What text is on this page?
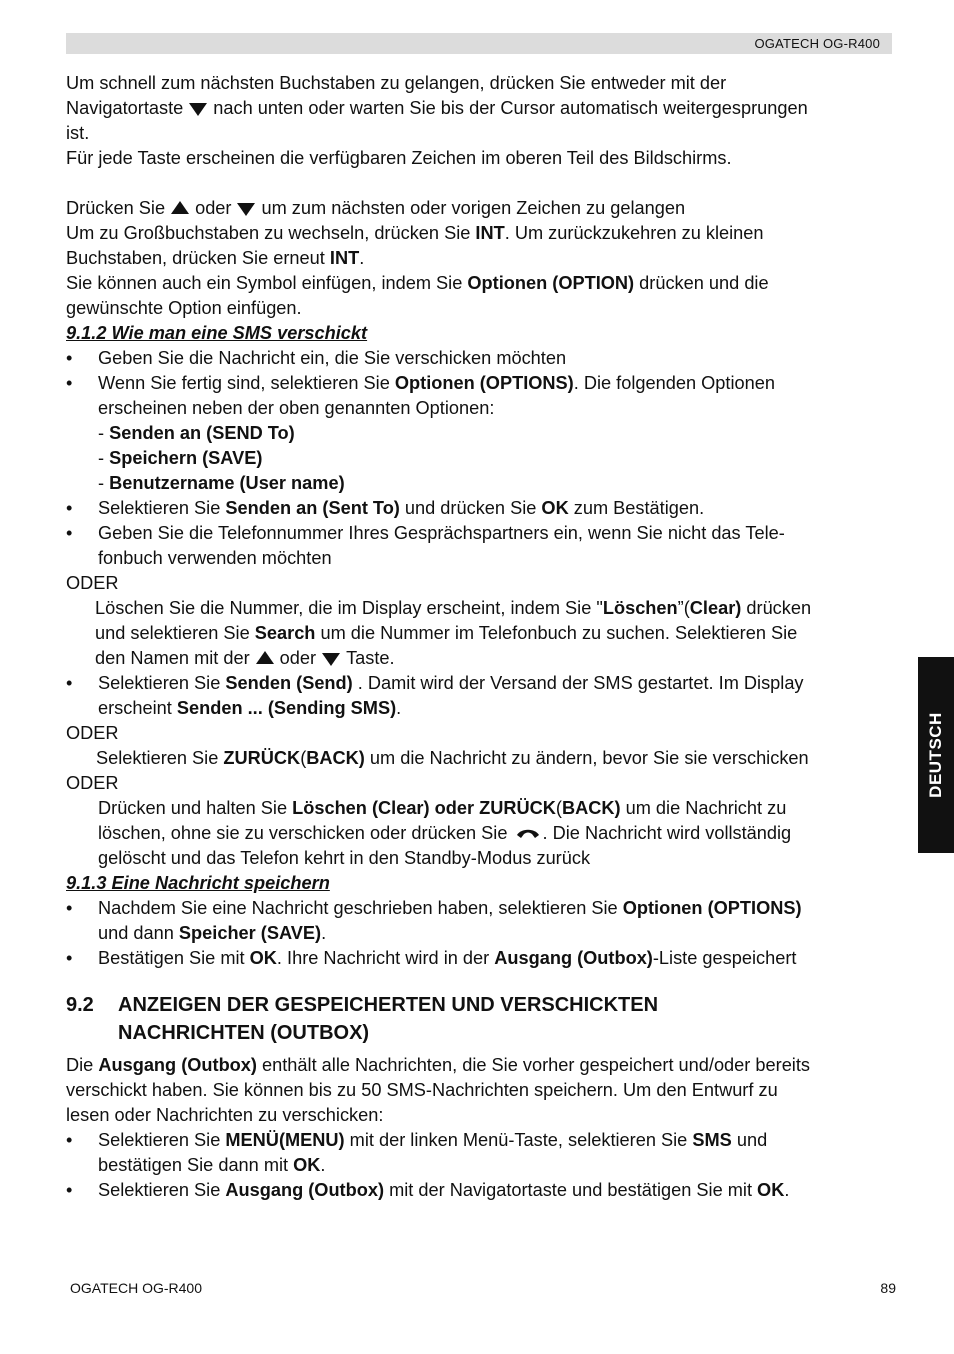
OGATECH OG-R400
DEUTSCH

Um schnell zum nächsten Buchstaben zu gelangen, drücken Sie entweder mit der

Navigatortaste nach unten oder warten Sie bis der Cursor automatisch weitergesprungen

ist.

Für jede Taste erscheinen die verfügbaren Zeichen im oberen Teil des Bildschirms.

Drücken Sie oder um zum nächsten oder vorigen Zeichen zu gelangen

Um zu Großbuchstaben zu wechseln, drücken Sie INT. Um zurückzukehren zu kleinen

Buchstaben, drücken Sie erneut INT.

Sie können auch ein Symbol einfügen, indem Sie Optionen (OPTION) drücken und die

gewünschte Option einfügen.

9.1.2 Wie man eine SMS verschickt

• Geben Sie die Nachricht ein, die Sie verschicken möchten

• Wenn Sie fertig sind, selektieren Sie Optionen (OPTIONS). Die folgenden Optionen

erscheinen neben der oben genannten Optionen:

- Senden an (SEND To)

- Speichern (SAVE)

- Benutzername (User name)

• Selektieren Sie Senden an (Sent To) und drücken Sie OK zum Bestätigen.

• Geben Sie die Telefonnummer Ihres Gesprächspartners ein, wenn Sie nicht das Tele-

fonbuch verwenden möchten

ODER

Löschen Sie die Nummer, die im Display erscheint, indem Sie "Löschen”(Clear) drücken

und selektieren Sie Search um die Nummer im Telefonbuch zu suchen. Selektieren Sie

den Namen mit der oder Taste.

• Selektieren Sie Senden (Send) . Damit wird der Versand der SMS gestartet. Im Display

erscheint Senden ... (Sending SMS).

ODER

Selektieren Sie ZURÜCK(BACK) um die Nachricht zu ändern, bevor Sie sie verschicken

ODER

Drücken und halten Sie Löschen (Clear) oder ZURÜCK(BACK) um die Nachricht zu

löschen, ohne sie zu verschicken oder drücken Sie . Die Nachricht wird vollständig

gelöscht und das Telefon kehrt in den Standby-Modus zurück

9.1.3 Eine Nachricht speichern

• Nachdem Sie eine Nachricht geschrieben haben, selektieren Sie Optionen (OPTIONS)

und dann Speicher (SAVE).

• Bestätigen Sie mit OK. Ihre Nachricht wird in der Ausgang (Outbox)-Liste gespeichert

9.2 ANZEIGEN DER GESPEICHERTEN UND VERSCHICKTEN
NACHRICHTEN (OUTBOX)

Die Ausgang (Outbox) enthält alle Nachrichten, die Sie vorher gespeichert und/oder bereits

verschickt haben. Sie können bis zu 50 SMS-Nachrichten speichern. Um den Entwurf zu

lesen oder Nachrichten zu verschicken:

• Selektieren Sie MENÜ(MENU) mit der linken Menü-Taste, selektieren Sie SMS und

bestätigen Sie dann mit OK.

• Selektieren Sie Ausgang (Outbox) mit der Navigatortaste und bestätigen Sie mit OK.

OGATECH OG-R400	89
